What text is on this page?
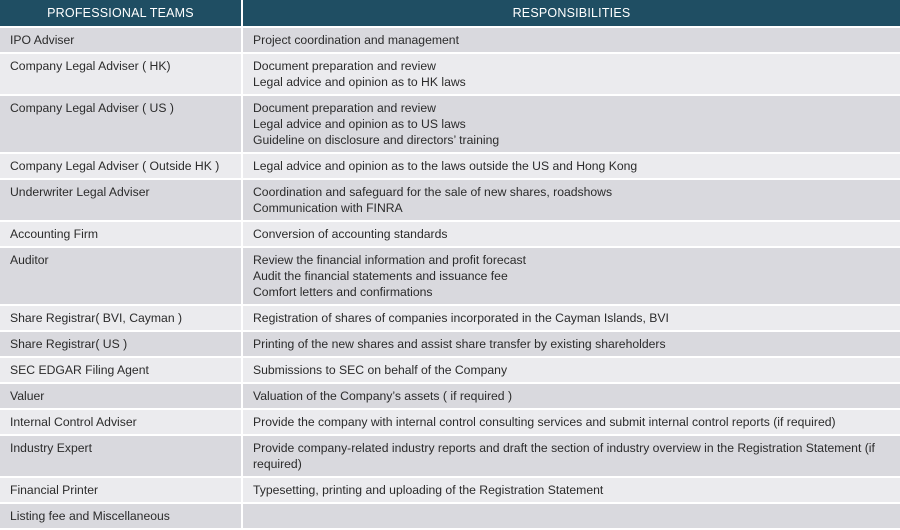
PROFESSIONAL TEAMS	RESPONSIBILITIES
IPO Adviser	Project coordination and management

Company Legal Adviser ( HK)	Document preparation and review
Legal advice and opinion as to HK laws

Company Legal Adviser ( US )	Document preparation and review
Legal advice and opinion as to US laws
Guideline on disclosure and directors’ training

Company Legal Adviser ( Outside HK )	Legal advice and opinion as to the laws outside the US and Hong Kong

Underwriter Legal Adviser	Coordination and safeguard for the sale of new shares, roadshows
Communication with FINRA

Accounting Firm	Conversion of accounting standards

Auditor	Review the financial information and profit forecast
Audit the financial statements and issuance fee
Comfort letters and confirmations

Share Registrar( BVI, Cayman )	Registration of shares of companies incorporated in the Cayman Islands, BVI

Share Registrar( US )	Printing of the new shares and assist share transfer by existing shareholders

SEC EDGAR Filing Agent	Submissions to SEC on behalf of the Company

Valuer	Valuation of the Company’s assets ( if required )

Internal Control Adviser	Provide the company with internal control consulting services and submit internal control reports (if required)

Industry Expert	Provide company-related industry reports and draft the section of industry overview in the Registration Statement (if required)

Financial Printer	Typesetting, printing and uploading of the Registration Statement

Listing fee and Miscellaneous	
